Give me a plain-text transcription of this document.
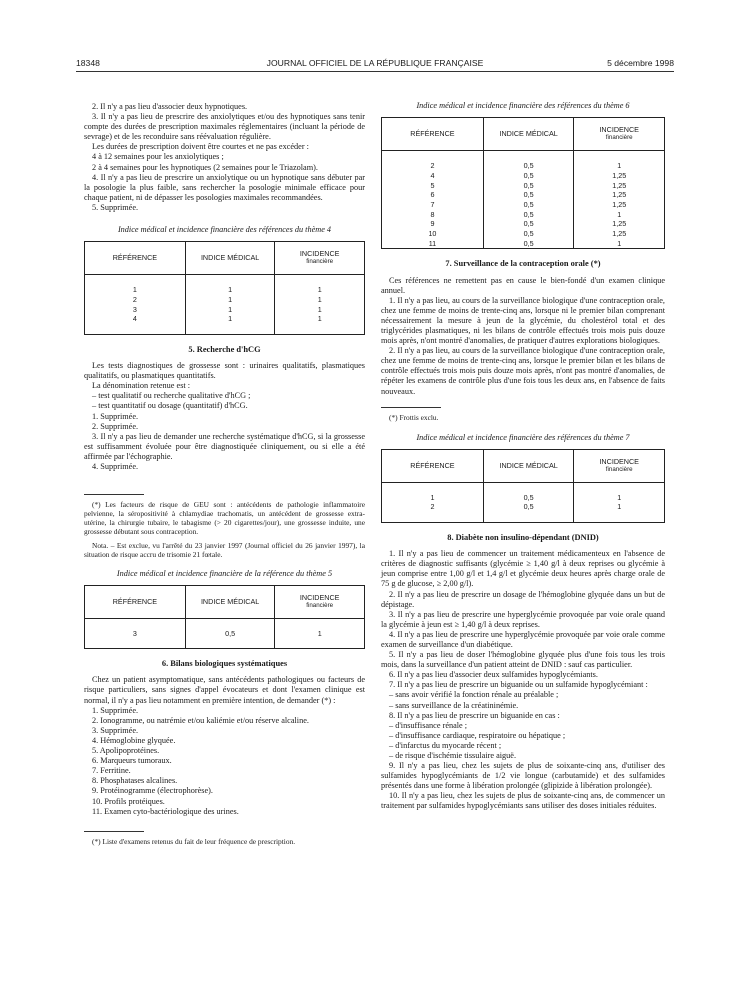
18348	JOURNAL OFFICIEL DE LA RÉPUBLIQUE FRANÇAISE	5 décembre 1998

2. Il n'y a pas lieu d'associer deux hypnotiques.

3. Il n'y a pas lieu de prescrire des anxiolytiques et/ou des hypnotiques sans tenir compte des durées de prescription maximales réglementaires (incluant la période de sevrage) et de les reconduire sans réévaluation régulière.

Les durées de prescription doivent être courtes et ne pas excéder :

4 à 12 semaines pour les anxiolytiques ;

2 à 4 semaines pour les hypnotiques (2 semaines pour le Triazolam).

4. Il n'y a pas lieu de prescrire un anxiolytique ou un hypnotique sans débuter par la posologie la plus faible, sans rechercher la posologie minimale efficace pour chaque patient, ni de dépasser les posologies maximales recommandées.

5. Supprimée.

Indice médical et incidence financière des références du thème 4

RÉFÉRENCE	INDICE MÉDICAL	INCIDENCE
financière

1	1	1
2	1	1
3	1	1
4	1	1

5. Recherche d'hCG

Les tests diagnostiques de grossesse sont : urinaires qualitatifs, plasmatiques qualitatifs, ou plasmatiques quantitatifs.

La dénomination retenue est :

– test qualitatif ou recherche qualitative d'hCG ;

– test quantitatif ou dosage (quantitatif) d'hCG.

1. Supprimée.

2. Supprimée.

3. Il n'y a pas lieu de demander une recherche systématique d'hCG, si la grossesse est suffisamment évoluée pour être diagnostiquée cliniquement, ou si elle a été affirmée par l'échographie.

4. Supprimée.

(*) Les facteurs de risque de GEU sont : antécédents de pathologie inflammatoire pelvienne, la séropositivité à chlamydiae trachomatis, un antécédent de grossesse extra-utérine, la chirurgie tubaire, le tabagisme (> 20 cigarettes/jour), une grossesse induite, une grossesse débutant sous contraception.

Nota. – Est exclue, vu l'arrêté du 23 janvier 1997 (Journal officiel du 26 janvier 1997), la situation de risque accru de trisomie 21 fœtale.

Indice médical et incidence financière de la référence du thème 5

RÉFÉRENCE	INDICE MÉDICAL	INCIDENCE
financière

3	0,5	1

6. Bilans biologiques systématiques

Chez un patient asymptomatique, sans antécédents pathologiques ou facteurs de risque particuliers, sans signes d'appel évocateurs et dont l'examen clinique est normal, il n'y a pas lieu notamment en première intention, de demander (*) :

1. Supprimée.

2. Ionogramme, ou natrémie et/ou kaliémie et/ou réserve alcaline.

3. Supprimée.

4. Hémoglobine glyquée.

5. Apolipoprotéines.

6. Marqueurs tumoraux.

7. Ferritine.

8. Phosphatases alcalines.

9. Protéinogramme (électrophorèse).

10. Profils protéiques.

11. Examen cyto-bactériologique des urines.

(*) Liste d'examens retenus du fait de leur fréquence de prescription.

Indice médical et incidence financière des références du thème 6

RÉFÉRENCE	INDICE MÉDICAL	INCIDENCE
financière

2	0,5	1
4	0,5	1,25
5	0,5	1,25
6	0,5	1,25
7	0,5	1,25
8	0,5	1
9	0,5	1,25
10	0,5	1,25
11	0,5	1
7. Surveillance de la contraception orale (*)

Ces références ne remettent pas en cause le bien-fondé d'un examen clinique annuel.

1. Il n'y a pas lieu, au cours de la surveillance biologique d'une contraception orale, chez une femme de moins de trente-cinq ans, lorsque ni le premier bilan comprenant nécessairement la mesure à jeun de la glycémie, du cholestérol total et des triglycérides plasmatiques, ni les bilans de contrôle effectués trois mois puis douze mois après, n'ont montré d'anomalies, de pratiquer d'autres explorations biologiques.

2. Il n'y a pas lieu, au cours de la surveillance biologique d'une contraception orale, chez une femme de moins de trente-cinq ans, lorsque le premier bilan et les bilans de contrôle effectués trois mois puis douze mois après, n'ont pas montré d'anomalies, de répéter les examens de contrôle plus d'une fois tous les deux ans, en l'absence de faits nouveaux.

(*) Frottis exclu.

Indice médical et incidence financière des références du thème 7

RÉFÉRENCE	INDICE MÉDICAL	INCIDENCE
financière

1	0,5	1
2	0,5	1

8. Diabète non insulino-dépendant (DNID)

1. Il n'y a pas lieu de commencer un traitement médicamenteux en l'absence de critères de diagnostic suffisants (glycémie ≥ 1,40 g/l à deux reprises ou glycémie à jeun comprise entre 1,00 g/l et 1,4 g/l et glycémie deux heures après charge orale de 75 g de glucose, ≥ 2,00 g/l).

2. Il n'y a pas lieu de prescrire un dosage de l'hémoglobine glyquée dans un but de dépistage.

3. Il n'y a pas lieu de prescrire une hyperglycémie provoquée par voie orale quand la glycémie à jeun est ≥ 1,40 g/l à deux reprises.

4. Il n'y a pas lieu de prescrire une hyperglycémie provoquée par voie orale comme examen de surveillance d'un diabétique.

5. Il n'y a pas lieu de doser l'hémoglobine glyquée plus d'une fois tous les trois mois, dans la surveillance d'un patient atteint de DNID : sauf cas particulier.

6. Il n'y a pas lieu d'associer deux sulfamides hypoglycémiants.

7. Il n'y a pas lieu de prescrire un biguanide ou un sulfamide hypoglycémiant :

– sans avoir vérifié la fonction rénale au préalable ;

– sans surveillance de la créatininémie.

8. Il n'y a pas lieu de prescrire un biguanide en cas :

– d'insuffisance rénale ;

– d'insuffisance cardiaque, respiratoire ou hépatique ;

– d'infarctus du myocarde récent ;

– de risque d'ischémie tissulaire aiguë.

9. Il n'y a pas lieu, chez les sujets de plus de soixante-cinq ans, d'utiliser des sulfamides hypoglycémiants de 1/2 vie longue (carbutamide) et des sulfamides présentés dans une forme à libération prolongée (glipizide à libération prolongée).

10. Il n'y a pas lieu, chez les sujets de plus de soixante-cinq ans, de commencer un traitement par sulfamides hypoglycémiants sans utiliser des doses initiales réduites.
